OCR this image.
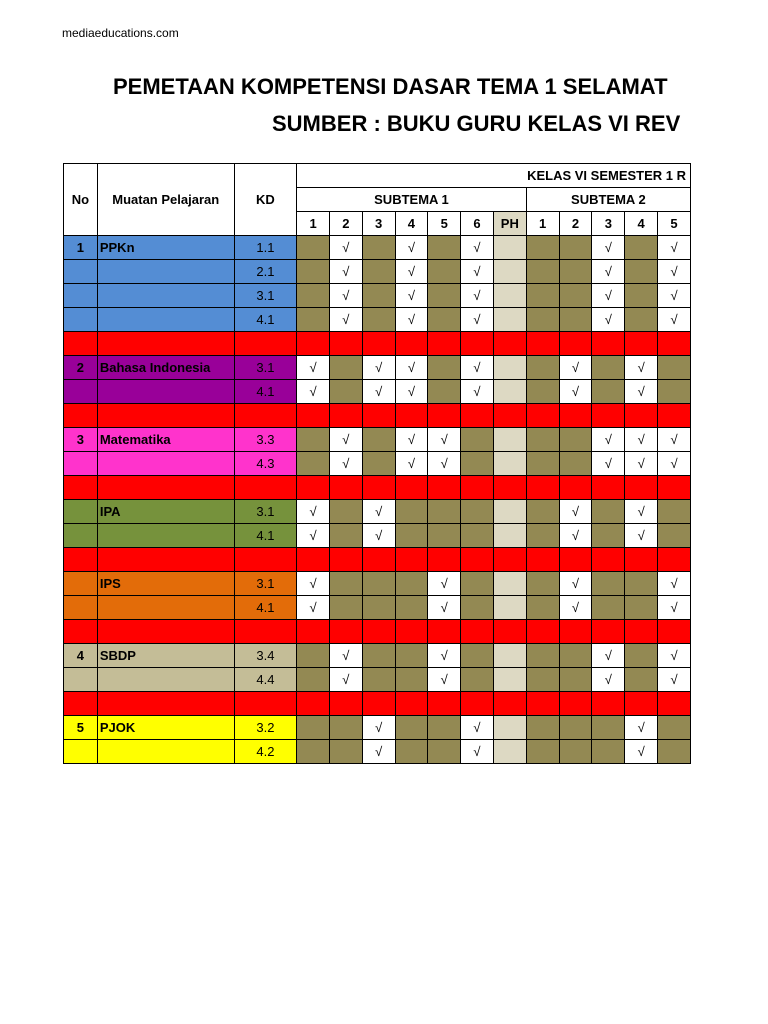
mediaeducations.com
PEMETAAN KOMPETENSI DASAR TEMA 1 SELAMAT
SUMBER : BUKU GURU KELAS VI REV
No	Muatan Pelajaran	KD	KELAS VI SEMESTER 1 R											
			SUBTEMA 1							SUBTEMA 2				
			1	2	3	4	5	6	PH	1	2	3	4	5
1	PPKn	1.1		√		√		√				√		√
		2.1		√		√		√				√		√
		3.1		√		√		√				√		√
		4.1		√		√		√				√		√

2	Bahasa Indonesia	3.1	√		√	√		√			√		√	
		4.1	√		√	√		√			√		√	

3	Matematika	3.3		√		√	√					√	√	√
		4.3		√		√	√					√	√	√

	IPA	3.1	√		√						√		√	
		4.1	√		√						√		√	

	IPS	3.1	√				√				√			√
		4.1	√				√				√			√

4	SBDP	3.4		√			√					√		√
		4.4		√			√					√		√

5	PJOK	3.2			√			√					√	
		4.2			√			√					√	
